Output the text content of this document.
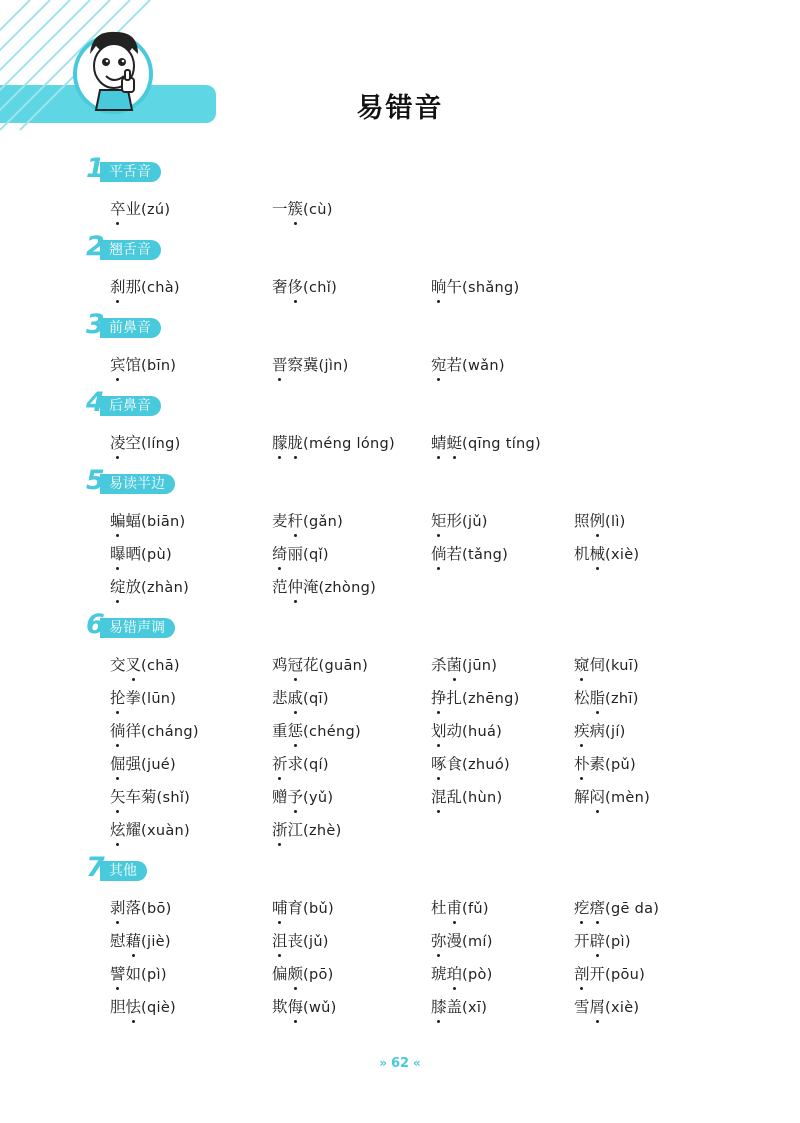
易错音
平舌音
1
卒业(zú)	一簇(cù)
翘舌音
2
刹那(chà)	奢侈(chǐ)	晌午(shǎng)
前鼻音
3
宾馆(bīn)	晋察冀(jìn)	宛若(wǎn)
后鼻音
4
凌空(líng)	朦胧(méng lóng) 蜻蜓(qīng tíng)
易读半边
5
蝙蝠(biān)	麦秆(gǎn)	矩形(jǔ)	照例(lì)
曝晒(pù)	绮丽(qǐ)	倘若(tǎng)	机械(xiè)
绽放(zhàn)	范仲淹(zhòng)
易错声调
6
交叉(chā)	鸡冠花(guān)	杀菌(jūn)	窥伺(kuī)
抡拳(lūn)	悲戚(qī)	挣扎(zhēng)	松脂(zhī)
徜徉(cháng)	重惩(chéng)	划动(huá)	疾病(jí)
倔强(jué)	祈求(qí)	啄食(zhuó)	朴素(pǔ)
矢车菊(shǐ)	赠予(yǔ)	混乱(hùn)	解闷(mèn)
炫耀(xuàn)	浙江(zhè)
其他
7
剥落(bō)	哺育(bǔ)	杜甫(fǔ)	疙瘩(gē da)
慰藉(jiè)	沮丧(jǔ)	弥漫(mí)	开辟(pì)
譬如(pì)	偏颇(pō)	琥珀(pò)	剖开(pōu)
胆怯(qiè)	欺侮(wǔ)	膝盖(xī)	雪屑(xiè)
» 62 «
